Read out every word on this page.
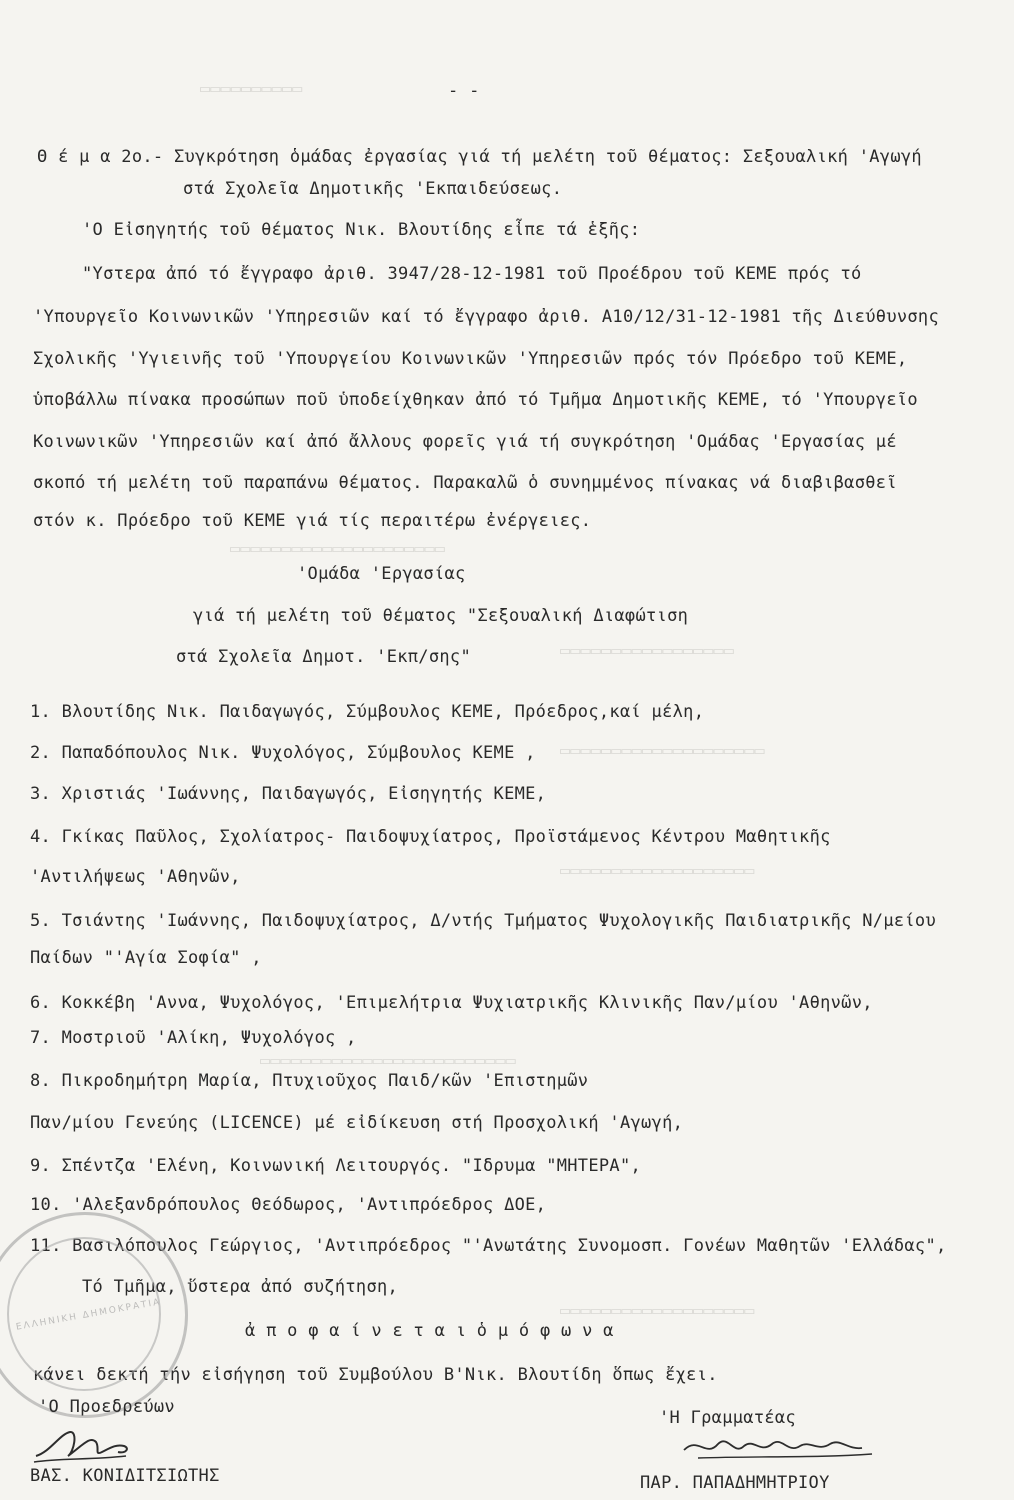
▭▭▭▭▭▭▭▭▭▭
▭▭▭▭▭▭▭▭▭▭▭▭▭▭▭▭▭▭▭▭▭
▭▭▭▭▭▭▭▭▭▭▭▭▭▭▭▭▭
▭▭▭▭▭▭▭▭▭▭▭▭▭▭▭▭▭▭▭▭
▭▭▭▭▭▭▭▭▭▭▭▭▭▭▭▭▭▭▭
▭▭▭▭▭▭▭▭▭▭▭▭▭▭▭▭▭▭▭▭▭▭▭▭▭
▭▭▭▭▭▭▭▭▭▭▭▭▭▭▭▭▭▭▭
- -
Θ έ μ α 2ο.- Συγκρότηση ὁμάδας ἐργασίας γιά τή μελέτη τοῦ θέματος: Σεξουαλική 'Αγωγή
στά Σχολεῖα Δημοτικῆς 'Εκπαιδεύσεως.
'Ο Εἰσηγητής τοῦ θέματος Νικ. Βλουτίδης εἶπε τά ἑξῆς:
"Υστερα ἀπό τό ἔγγραφο ἀριθ. 3947/28-12-1981 τοῦ Προέδρου τοῦ ΚΕΜΕ πρός τό
'Υπουργεῖο Κοινωνικῶν 'Υπηρεσιῶν καί τό ἔγγραφο ἀριθ. Α10/12/31-12-1981 τῆς Διεύθυνσης
Σχολικῆς 'Υγιεινῆς τοῦ 'Υπουργείου Κοινωνικῶν 'Υπηρεσιῶν πρός τόν Πρόεδρο τοῦ ΚΕΜΕ,
ὑποβάλλω πίνακα προσώπων ποῦ ὑποδείχθηκαν ἀπό τό Τμῆμα Δημοτικῆς ΚΕΜΕ, τό 'Υπουργεῖο
Κοινωνικῶν 'Υπηρεσιῶν καί ἀπό ἄλλους φορεῖς γιά τή συγκρότηση 'Ομάδας 'Εργασίας μέ
σκοπό τή μελέτη τοῦ παραπάνω θέματος. Παρακαλῶ ὁ συνημμένος πίνακας νά διαβιβασθεῖ
στόν κ. Πρόεδρο τοῦ ΚΕΜΕ γιά τίς περαιτέρω ἐνέργειες.
'Ομάδα 'Εργασίας
γιά τή μελέτη τοῦ θέματος "Σεξουαλική Διαφώτιση
στά Σχολεῖα Δημοτ. 'Εκπ/σης"
1. Βλουτίδης Νικ. Παιδαγωγός, Σύμβουλος ΚΕΜΕ, Πρόεδρος,καί μέλη,
2. Παπαδόπουλος Νικ. Ψυχολόγος, Σύμβουλος ΚΕΜΕ ,
3. Χριστιάς 'Ιωάννης, Παιδαγωγός, Εἰσηγητής ΚΕΜΕ,
4. Γκίκας Παῦλος, Σχολίατρος- Παιδοψυχίατρος, Προϊστάμενος Κέντρου Μαθητικῆς
'Αντιλήψεως 'Αθηνῶν,
5. Τσιάντης 'Ιωάννης, Παιδοψυχίατρος, Δ/ντής Τμήματος Ψυχολογικῆς Παιδιατρικῆς Ν/μείου
Παίδων "'Αγία Σοφία" ,
6. Κοκκέβη 'Αννα, Ψυχολόγος, 'Επιμελήτρια Ψυχιατρικῆς Κλινικῆς Παν/μίου 'Αθηνῶν,
7. Μοστριοῦ 'Αλίκη, Ψυχολόγος ,
8. Πικροδημήτρη Μαρία, Πτυχιοῦχος Παιδ/κῶν 'Επιστημῶν
Παν/μίου Γενεύης (LICENCE) μέ εἰδίκευση στή Προσχολική 'Αγωγή,
9. Σπέντζα 'Ελένη, Κοινωνική Λειτουργός. "Ιδρυμα "ΜΗΤΕΡΑ",
10. 'Αλεξανδρόπουλος Θεόδωρος, 'Αντιπρόεδρος ΔΟΕ,
11. Βασιλόπουλος Γεώργιος, 'Αντιπρόεδρος "'Ανωτάτης Συνομοσπ. Γονέων Μαθητῶν 'Ελλάδας",
Τό Τμῆμα, ὕστερα ἀπό συζήτηση,
ἀ π ο φ α ί ν ε τ α ι ὁ μ ό φ ω ν α
κάνει δεκτή τήν εἰσήγηση τοῦ Συμβούλου Β'Νικ. Βλουτίδη ὅπως ἔχει.
ΕΛΛΗΝΙΚΗ ΔΗΜΟΚΡΑΤΙΑ
'Ο Προεδρεύων
ΒΑΣ. ΚΟΝΙΔΙΤΣΙΩΤΗΣ
'Η Γραμματέας
ΠΑΡ. ΠΑΠΑΔΗΜΗΤΡΙΟΥ
